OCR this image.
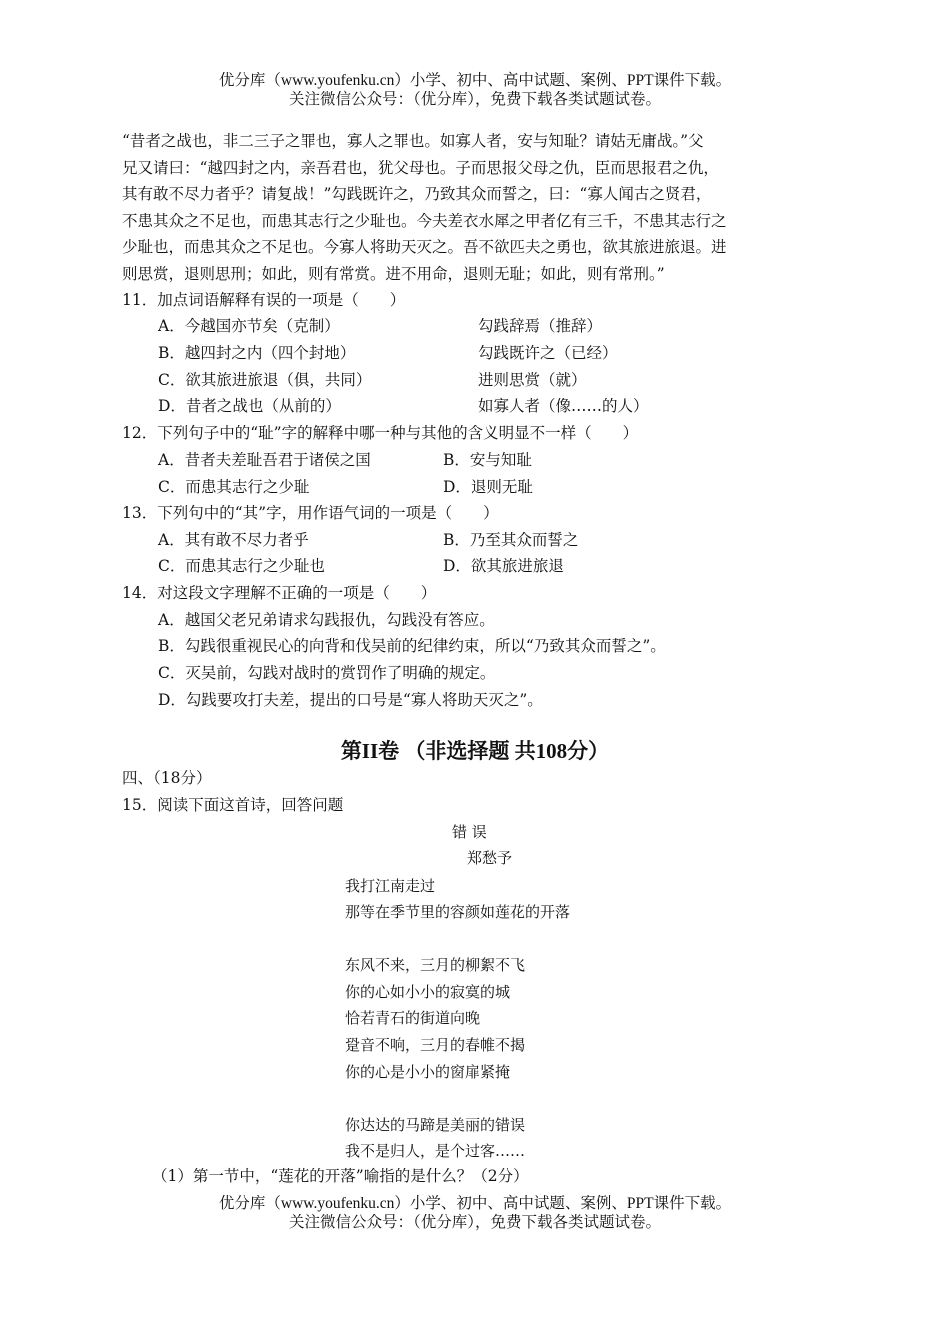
优分库（www.youfenku.cn）小学、初中、高中试题、案例、PPT课件下载。
关注微信公众号：（优分库），免费下载各类试题试卷。

“昔者之战也，非二三子之罪也，寡人之罪也。如寡人者，安与知耻？请姑无庸战。”父

兄又请曰：“越四封之内，亲吾君也，犹父母也。子而思报父母之仇，臣而思报君之仇，

其有敢不尽力者乎？请复战！”勾践既许之，乃致其众而誓之，曰：“寡人闻古之贤君，

不患其众之不足也，而患其志行之少耻也。今夫差衣水犀之甲者亿有三千，不患其志行之

少耻也，而患其众之不足也。今寡人将助天灭之。吾不欲匹夫之勇也，欲其旅进旅退。进

则思赏，退则思刑；如此，则有常赏。进不用命，退则无耻；如此，则有常刑。”

11．加点词语解释有误的一项是（　　）
A．今越国亦节矣（克制）	勾践辞焉（推辞）
B．越四封之内（四个封地）	勾践既许之（已经）
C．欲其旅进旅退（俱，共同）	进则思赏（就）
D．昔者之战也（从前的）	如寡人者（像……的人）
12．下列句子中的“耻”字的解释中哪一种与其他的含义明显不一样（　　）
A．昔者夫差耻吾君于诸侯之国	B．安与知耻
C．而患其志行之少耻	D．退则无耻
13．下列句中的“其”字，用作语气词的一项是（　　）
A．其有敢不尽力者乎	B．乃至其众而誓之
C．而患其志行之少耻也	D．欲其旅进旅退
14．对这段文字理解不正确的一项是（　　）
A．越国父老兄弟请求勾践报仇，勾践没有答应。
B．勾践很重视民心的向背和伐吴前的纪律约束，所以“乃致其众而誓之”。
C．灭吴前，勾践对战时的赏罚作了明确的规定。
D．勾践要攻打夫差，提出的口号是“寡人将助天灭之”。
第II卷 （非选择题 共108分）
四、（18分）
15．阅读下面这首诗，回答问题
错 误
郑愁予
我打江南走过
那等在季节里的容颜如莲花的开落
东风不来，三月的柳絮不飞
你的心如小小的寂寞的城
恰若青石的街道向晚
跫音不响，三月的春帷不揭
你的心是小小的窗扉紧掩
你达达的马蹄是美丽的错误
我不是归人，是个过客……
（1）第一节中，“莲花的开落”喻指的是什么？（2分）
优分库（www.youfenku.cn）小学、初中、高中试题、案例、PPT课件下载。
关注微信公众号：（优分库），免费下载各类试题试卷。
